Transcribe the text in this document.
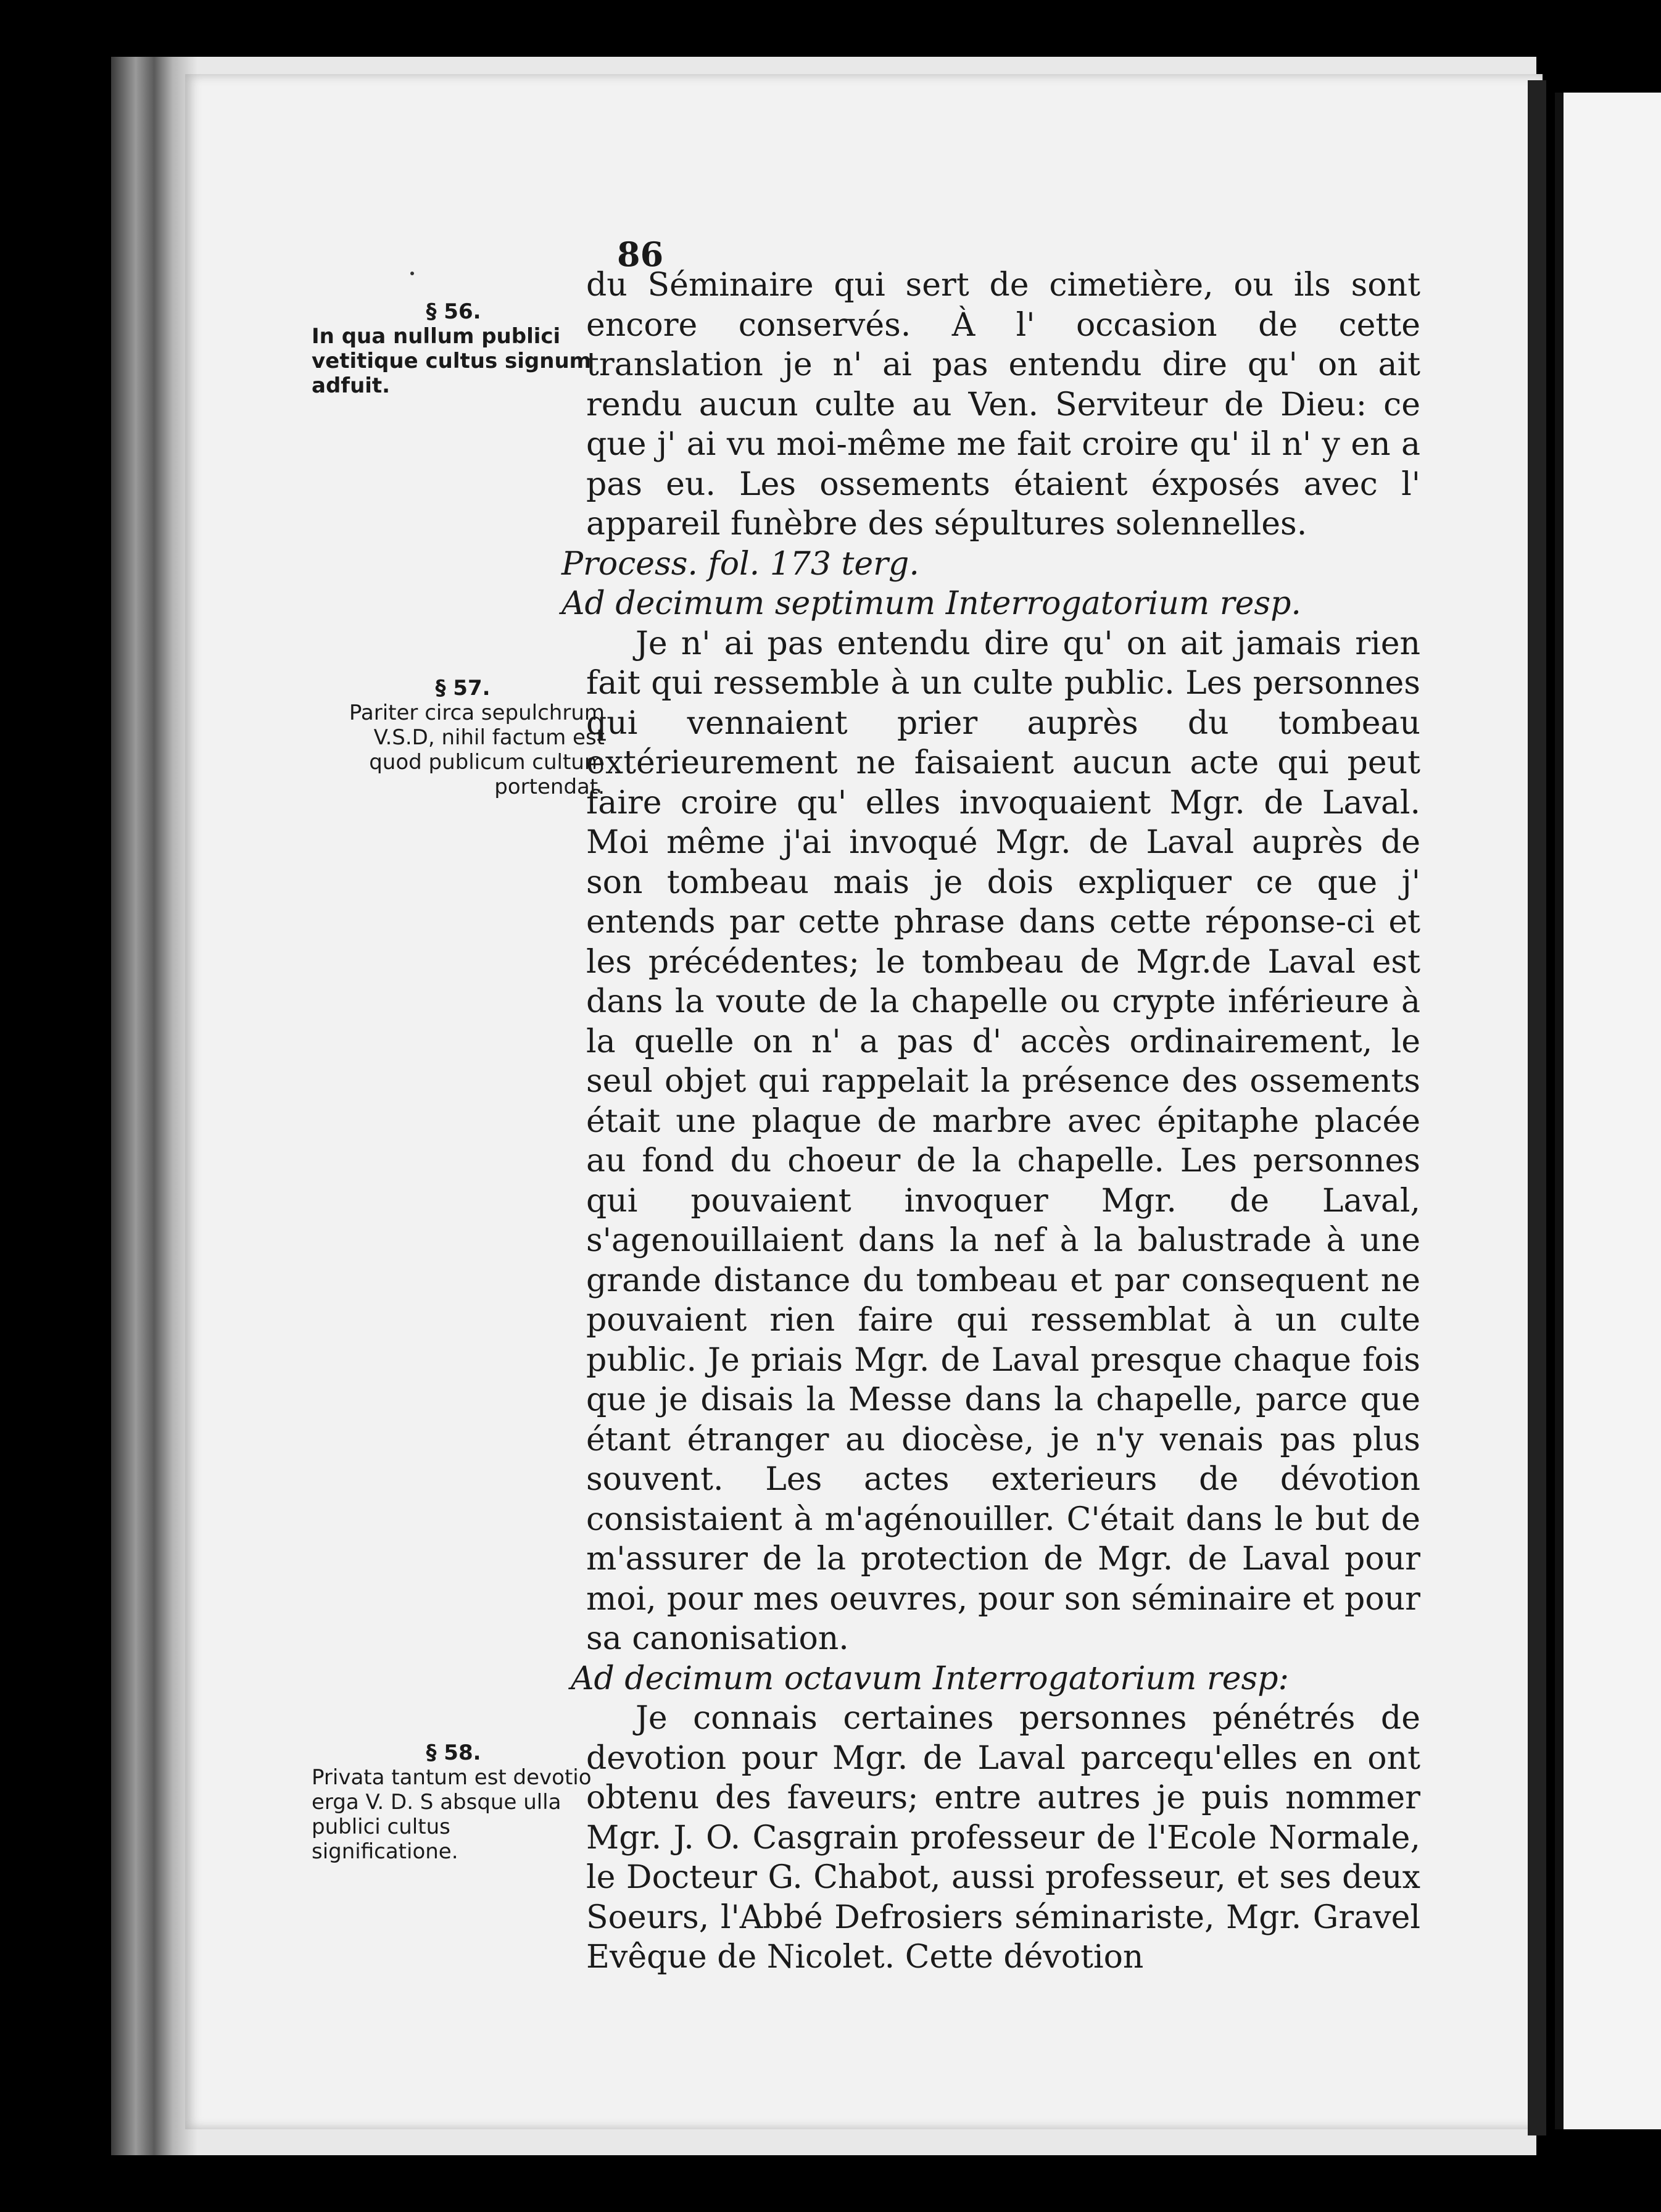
86

§ 56.
In qua nullum publici vetitique cultus signum adfuit.
§ 57.
Pariter circa sepulchrum V.S.D, nihil factum est quod publicum cultum portendat.
§ 58.
Privata tantum est devotio erga V. D. S absque ulla publici cultus significatione.

du Séminaire qui sert de cimetière, ou ils sont encore conservés. À l' occasion de cette translation je n' ai pas entendu dire qu' on ait rendu aucun culte au Ven. Serviteur de Dieu: ce que j' ai vu moi-même me fait croire qu' il n' y en a pas eu. Les ossements étaient éxposés avec l' appareil funèbre des sépultures solennelles.

Process. fol. 173 terg.

Ad decimum septimum Interrogatorium resp.

Je n' ai pas entendu dire qu' on ait jamais rien fait qui ressemble à un culte public. Les personnes qui vennaient prier auprès du tombeau extérieurement ne faisaient aucun acte qui peut faire croire qu' elles invoquaient Mgr. de Laval. Moi même j'ai invoqué Mgr. de Laval auprès de son tombeau mais je dois expliquer ce que j' entends par cette phrase dans cette réponse-ci et les précédentes; le tombeau de Mgr.de Laval est dans la voute de la chapelle ou crypte inférieure à la quelle on n' a pas d' accès ordinairement, le seul objet qui rappelait la présence des ossements était une plaque de marbre avec épitaphe placée au fond du choeur de la chapelle. Les personnes qui pouvaient invoquer Mgr. de Laval, s'agenouillaient dans la nef à la balustrade à une grande distance du tombeau et par consequent ne pouvaient rien faire qui ressemblat à un culte public. Je priais Mgr. de Laval presque chaque fois que je disais la Messe dans la chapelle, parce que étant étranger au diocèse, je n'y venais pas plus souvent. Les actes exterieurs de dévotion consistaient à m'agénouiller. C'était dans le but de m'assurer de la protection de Mgr. de Laval pour moi, pour mes oeuvres, pour son séminaire et pour sa canonisation.

Ad decimum octavum Interrogatorium resp:

Je connais certaines personnes pénétrés de devotion pour Mgr. de Laval parcequ'elles en ont obtenu des faveurs; entre autres je puis nommer Mgr. J. O. Casgrain professeur de l'Ecole Normale, le Docteur G. Chabot, aussi professeur, et ses deux Soeurs, l'Abbé Defrosiers séminariste, Mgr. Gravel Evêque de Nicolet. Cette dévotion
